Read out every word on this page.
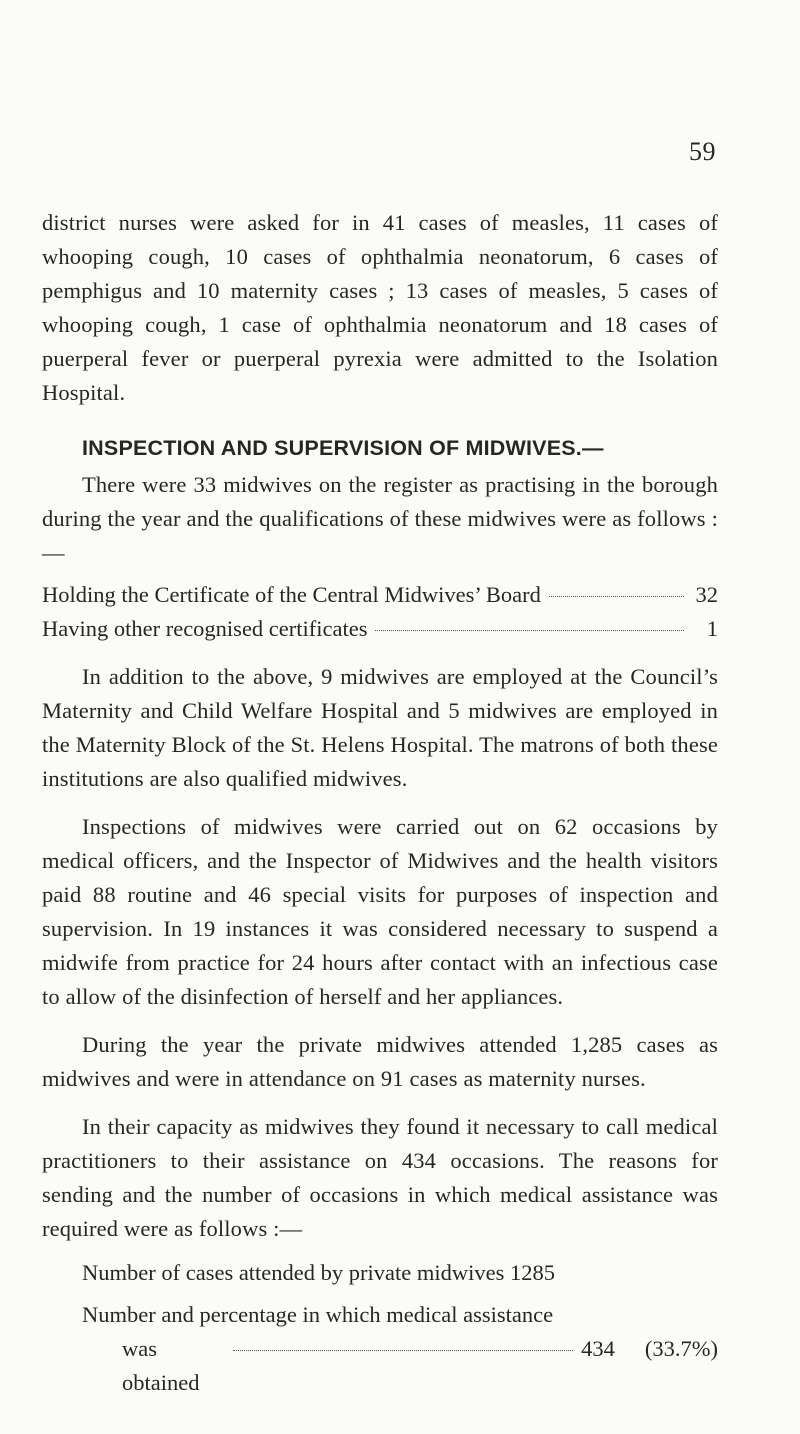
59

district nurses were asked for in 41 cases of measles, 11 cases of whooping cough, 10 cases of ophthalmia neonatorum, 6 cases of pemphigus and 10 maternity cases ; 13 cases of measles, 5 cases of whooping cough, 1 case of ophthalmia neonatorum and 18 cases of puerperal fever or puerperal pyrexia were admitted to the Isolation Hospital.

INSPECTION AND SUPERVISION OF MIDWIVES.—

There were 33 midwives on the register as practising in the borough during the year and the qualifications of these midwives were as follows :—

Holding the Certificate of the Central Midwives’ Board	32
Having other recognised certificates	1

In addition to the above, 9 midwives are employed at the Council’s Maternity and Child Welfare Hospital and 5 midwives are employed in the Maternity Block of the St. Helens Hospital. The matrons of both these institutions are also qualified midwives.

Inspections of midwives were carried out on 62 occasions by medical officers, and the Inspector of Midwives and the health visitors paid 88 routine and 46 special visits for purposes of inspection and supervision. In 19 instances it was considered necessary to suspend a midwife from practice for 24 hours after contact with an infectious case to allow of the disinfection of herself and her appliances.

During the year the private midwives attended 1,285 cases as midwives and were in attendance on 91 cases as maternity nurses.

In their capacity as midwives they found it necessary to call medical practitioners to their assistance on 434 occasions. The reasons for sending and the number of occasions in which medical assistance was required were as follows :—

Number of cases attended by private midwives 1285
Number and percentage in which medical assistance
was obtained
434 (33.7%)
